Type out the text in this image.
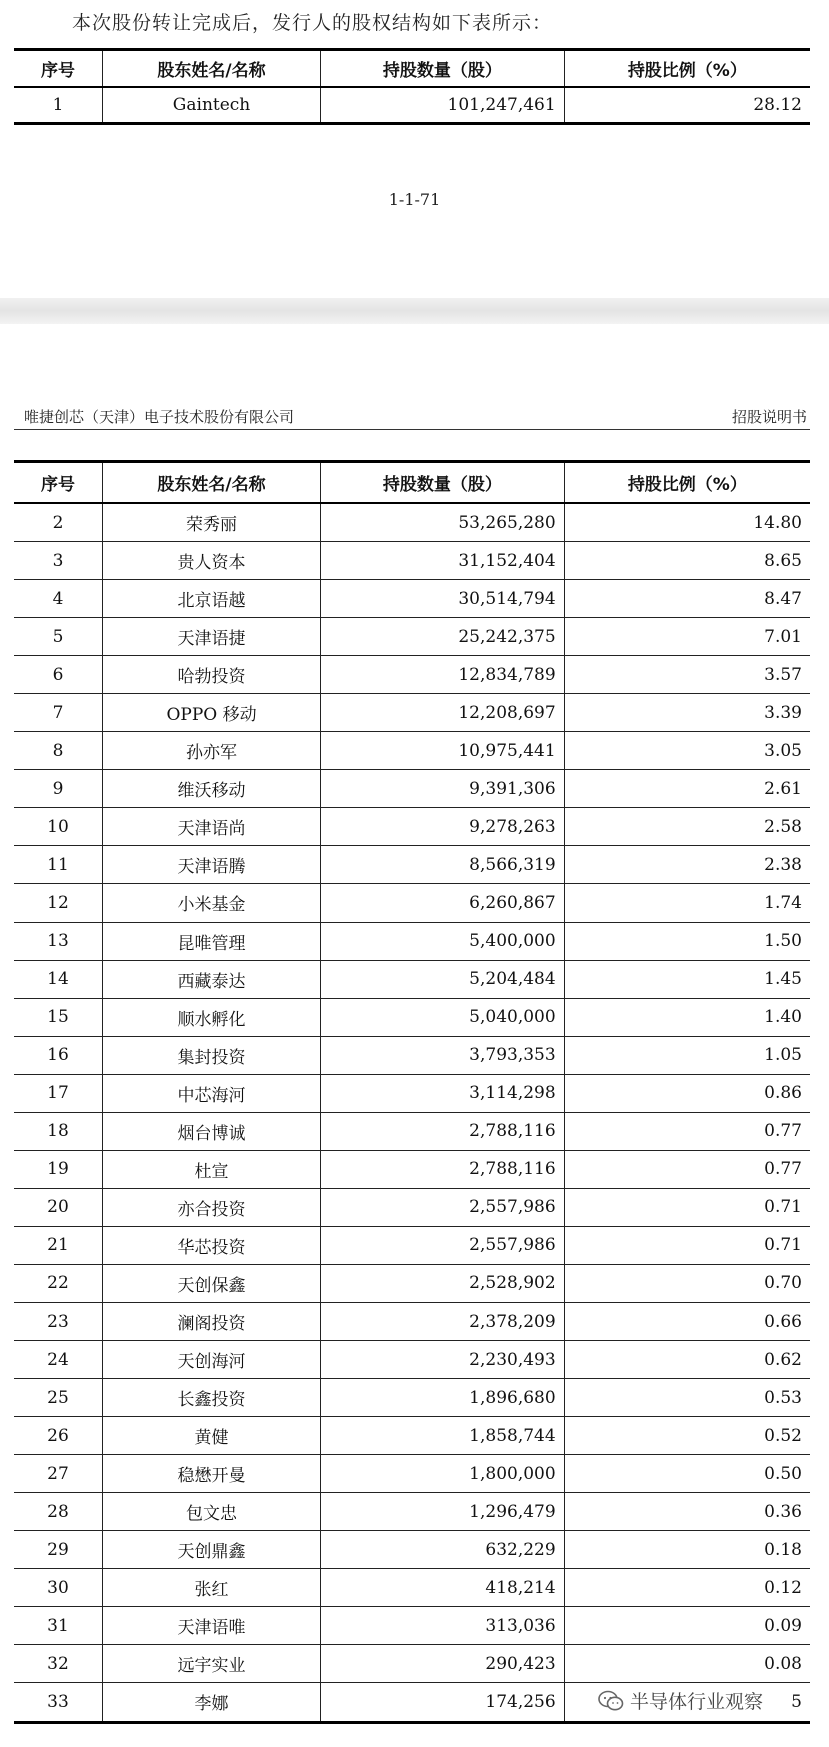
本次股份转让完成后，发行人的股权结构如下表所示：
序号	股东姓名/名称	持股数量（股）	持股比例（%）
1	Gaintech	101,247,461	28.12
1-1-71
唯捷创芯（天津）电子技术股份有限公司	招股说明书
序号	股东姓名/名称	持股数量（股）	持股比例（%）
2	荣秀丽	53,265,280	14.80
3	贵人资本	31,152,404	8.65
4	北京语越	30,514,794	8.47
5	天津语捷	25,242,375	7.01
6	哈勃投资	12,834,789	3.57
7	OPPO 移动	12,208,697	3.39
8	孙亦军	10,975,441	3.05
9	维沃移动	9,391,306	2.61
10	天津语尚	9,278,263	2.58
11	天津语腾	8,566,319	2.38
12	小米基金	6,260,867	1.74
13	昆唯管理	5,400,000	1.50
14	西藏泰达	5,204,484	1.45
15	顺水孵化	5,040,000	1.40
16	集封投资	3,793,353	1.05
17	中芯海河	3,114,298	0.86
18	烟台博诚	2,788,116	0.77
19	杜宣	2,788,116	0.77
20	亦合投资	2,557,986	0.71
21	华芯投资	2,557,986	0.71
22	天创保鑫	2,528,902	0.70
23	澜阁投资	2,378,209	0.66
24	天创海河	2,230,493	0.62
25	长鑫投资	1,896,680	0.53
26	黄健	1,858,744	0.52
27	稳懋开曼	1,800,000	0.50
28	包文忠	1,296,479	0.36
29	天创鼎鑫	632,229	0.18
30	张红	418,214	0.12
31	天津语唯	313,036	0.09
32	远宇实业	290,423	0.08
33	李娜	174,256	5
半导体行业观察
